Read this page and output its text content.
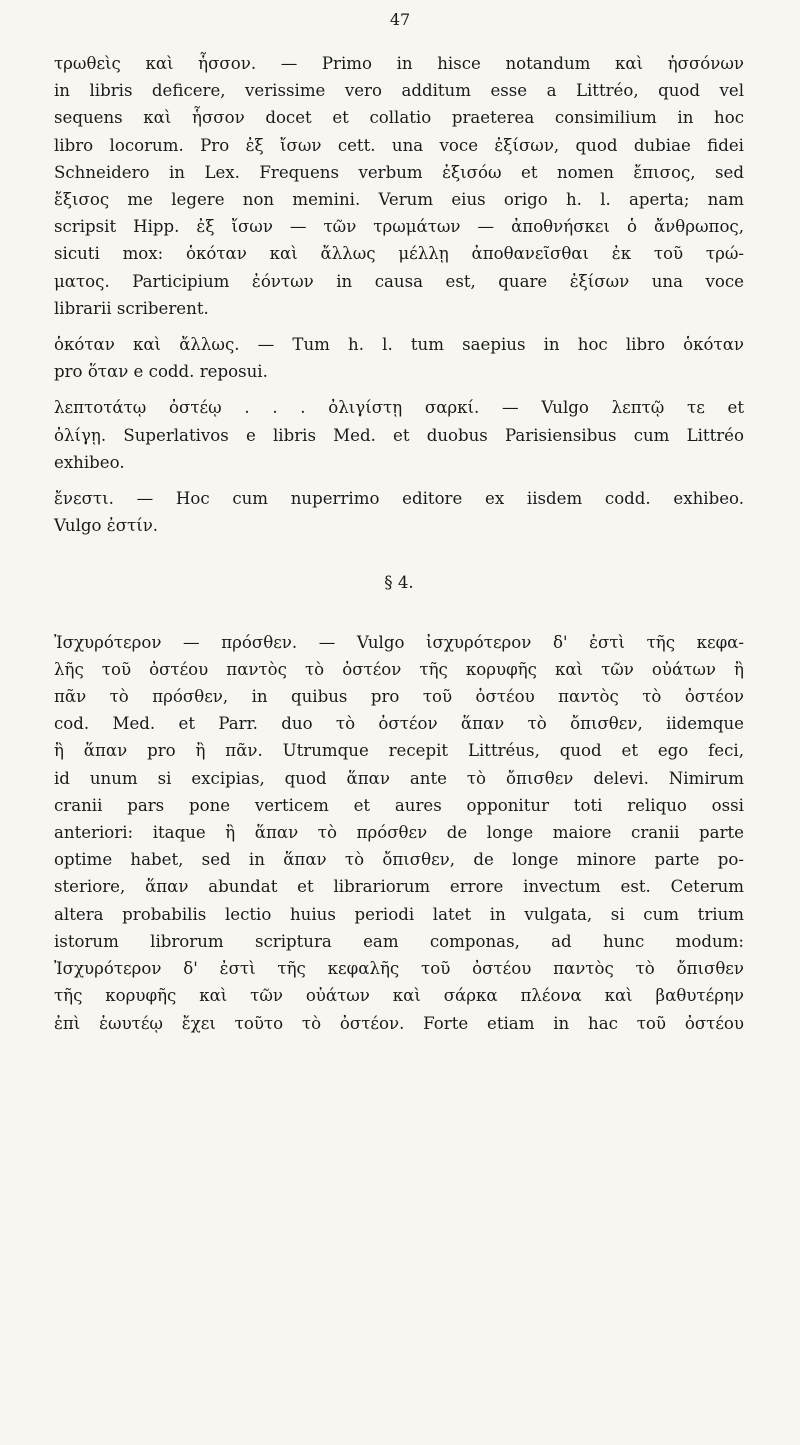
47
τρωθεὶς καὶ ἧσσον. — Primo in hisce notandum καὶ ἡσσόνων
in libris deficere, verissime vero additum esse a Littréo, quod vel
sequens καὶ ἧσσον docet et collatio praeterea consimilium in hoc
libro locorum. Pro ἐξ ἴσων cett. una voce ἐξίσων, quod dubiae fidei
Schneidero in Lex. Frequens verbum ἐξισόω et nomen ἔπισος, sed
ἔξισος me legere non memini. Verum eius origo h. l. aperta; nam
scripsit Hipp. ἐξ ἴσων — τῶν τρωμάτων — ἀποθνήσκει ὁ ἄνθρωπος,
sicuti mox: ὁκόταν καὶ ἄλλως μέλλῃ ἀποθανεῖσθαι ἐκ τοῦ τρώ-
ματος. Participium ἐόντων in causa est, quare ἐξίσων una voce
librarii scriberent.
ὁκόταν καὶ ἄλλως. — Tum h. l. tum saepius in hoc libro ὁκόταν
pro ὅταν e codd. reposui.
λεπτοτάτῳ ὀστέῳ . . . ὀλιγίστῃ σαρκί. — Vulgo λεπτῷ τε et
ὀλίγῃ. Superlativos e libris Med. et duobus Parisiensibus cum Littréo
exhibeo.
ἔνεστι. — Hoc cum nuperrimo editore ex iisdem codd. exhibeo.
Vulgo ἐστίν.
§ 4.
Ἰσχυρότερον — πρόσθεν. — Vulgo ἰσχυρότερον δ' ἐστὶ τῆς κεφα-
λῆς τοῦ ὀστέου παντὸς τὸ ὀστέον τῆς κορυφῆς καὶ τῶν οὐάτων ἢ
πᾶν τὸ πρόσθεν, in quibus pro τοῦ ὀστέου παντὸς τὸ ὀστέον
cod. Med. et Parr. duo τὸ ὀστέον ἅπαν τὸ ὄπισθεν, iidemque
ἢ ἅπαν pro ἢ πᾶν. Utrumque recepit Littréus, quod et ego feci,
id unum si excipias, quod ἅπαν ante τὸ ὄπισθεν delevi. Nimirum
cranii pars pone verticem et aures opponitur toti reliquo ossi
anteriori: itaque ἢ ἅπαν τὸ πρόσθεν de longe maiore cranii parte
optime habet, sed in ἅπαν τὸ ὄπισθεν, de longe minore parte po-
steriore, ἅπαν abundat et librariorum errore invectum est. Ceterum
altera probabilis lectio huius periodi latet in vulgata, si cum trium
istorum librorum scriptura eam componas, ad hunc modum:
Ἰσχυρότερον δ' ἐστὶ τῆς κεφαλῆς τοῦ ὀστέου παντὸς τὸ ὄπισθεν
τῆς κορυφῆς καὶ τῶν οὐάτων καὶ σάρκα πλέονα καὶ βαθυτέρην
ἐπὶ ἑωυτέῳ ἔχει τοῦτο τὸ ὀστέον. Forte etiam in hac τοῦ ὀστέου
